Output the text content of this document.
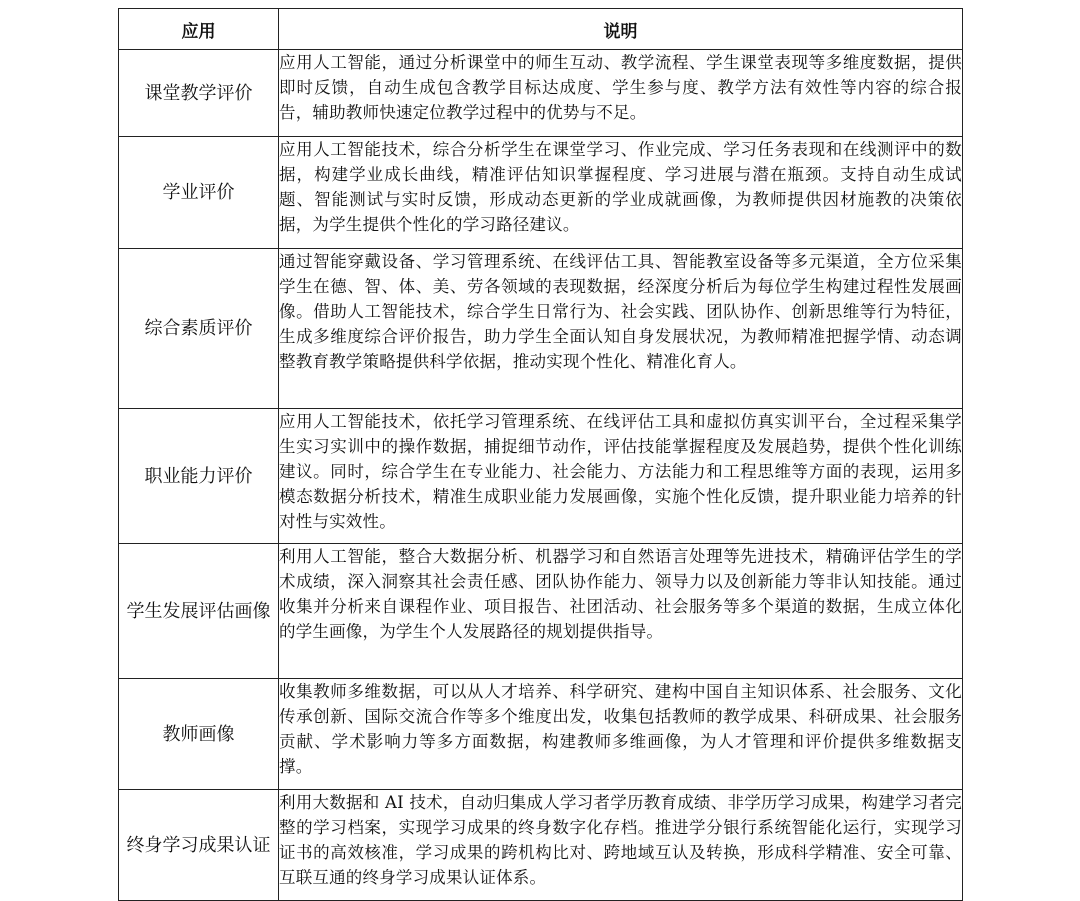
应用	说明
课堂教学评价	应用人工智能，通过分析课堂中的师生互动、教学流程、学生课堂表现等多维度数据，提供即时反馈，自动生成包含教学目标达成度、学生参与度、教学方法有效性等内容的综合报告，辅助教师快速定位教学过程中的优势与不足。
学业评价	应用人工智能技术，综合分析学生在课堂学习、作业完成、学习任务表现和在线测评中的数据，构建学业成长曲线，精准评估知识掌握程度、学习进展与潜在瓶颈。支持自动生成试题、智能测试与实时反馈，形成动态更新的学业成就画像，为教师提供因材施教的决策依据，为学生提供个性化的学习路径建议。
综合素质评价	通过智能穿戴设备、学习管理系统、在线评估工具、智能教室设备等多元渠道，全方位采集学生在德、智、体、美、劳各领域的表现数据，经深度分析后为每位学生构建过程性发展画像。借助人工智能技术，综合学生日常行为、社会实践、团队协作、创新思维等行为特征，生成多维度综合评价报告，助力学生全面认知自身发展状况，为教师精准把握学情、动态调整教育教学策略提供科学依据，推动实现个性化、精准化育人。
职业能力评价	应用人工智能技术，依托学习管理系统、在线评估工具和虚拟仿真实训平台，全过程采集学生实习实训中的操作数据，捕捉细节动作，评估技能掌握程度及发展趋势，提供个性化训练建议。同时，综合学生在专业能力、社会能力、方法能力和工程思维等方面的表现，运用多模态数据分析技术，精准生成职业能力发展画像，实施个性化反馈，提升职业能力培养的针对性与实效性。
学生发展评估画像	利用人工智能，整合大数据分析、机器学习和自然语言处理等先进技术，精确评估学生的学术成绩，深入洞察其社会责任感、团队协作能力、领导力以及创新能力等非认知技能。通过收集并分析来自课程作业、项目报告、社团活动、社会服务等多个渠道的数据，生成立体化的学生画像，为学生个人发展路径的规划提供指导。
教师画像	收集教师多维数据，可以从人才培养、科学研究、建构中国自主知识体系、社会服务、文化传承创新、国际交流合作等多个维度出发，收集包括教师的教学成果、科研成果、社会服务贡献、学术影响力等多方面数据，构建教师多维画像，为人才管理和评价提供多维数据支撑。
终身学习成果认证	利用大数据和 AI 技术，自动归集成人学习者学历教育成绩、非学历学习成果，构建学习者完整的学习档案，实现学习成果的终身数字化存档。推进学分银行系统智能化运行，实现学习证书的高效核准，学习成果的跨机构比对、跨地域互认及转换，形成科学精准、安全可靠、互联互通的终身学习成果认证体系。
